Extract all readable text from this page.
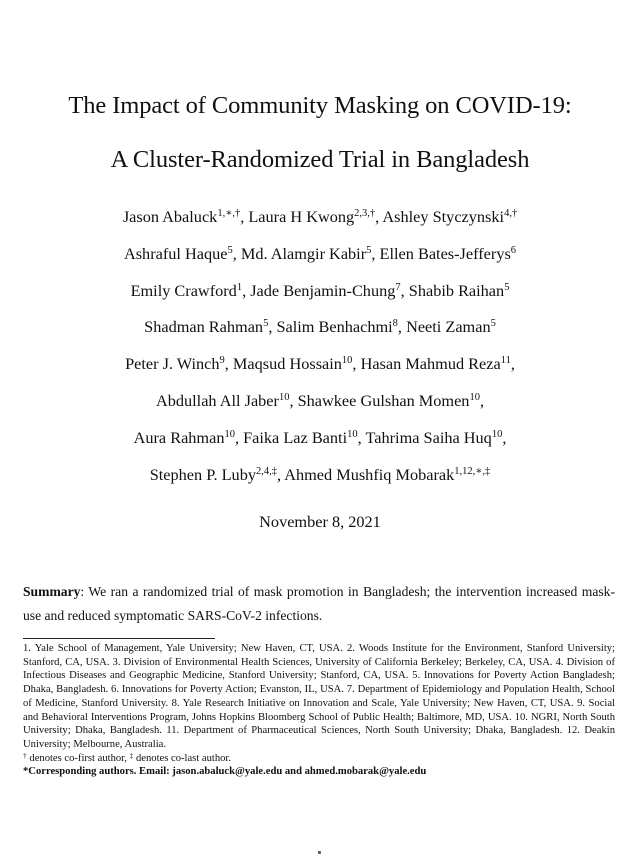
The Impact of Community Masking on COVID-19:
A Cluster-Randomized Trial in Bangladesh
Jason Abaluck$^{1,∗,\dagger}$, Laura H Kwong$^{2,3,\dagger}$, Ashley Styczynski$^{4,\dagger}$
Ashraful Haque$^5$, Md. Alamgir Kabir$^5$, Ellen Bates-Jefferys$^6$
Emily Crawford$^1$, Jade Benjamin-Chung$^7$, Shabib Raihan$^5$
Shadman Rahman$^5$, Salim Benhachmi$^8$, Neeti Zaman$^5$
Peter J. Winch$^9$, Maqsud Hossain$^{10}$, Hasan Mahmud Reza$^{11}$,
Abdullah All Jaber$^{10}$, Shawkee Gulshan Momen$^{10}$,
Aura Rahman$^{10}$, Faika Laz Banti$^{10}$, Tahrima Saiha Huq$^{10}$,
Stephen P. Luby$^{2,4,\ddagger}$, Ahmed Mushfiq Mobarak$^{1,12,∗,\ddagger}$
November 8, 2021
Summary: We ran a randomized trial of mask promotion in Bangladesh; the intervention increased mask-use and reduced symptomatic SARS-CoV-2 infections.
1. Yale School of Management, Yale University; New Haven, CT, USA. 2. Woods Institute for the Environment, Stanford University; Stanford, CA, USA. 3. Division of Environmental Health Sciences, University of California Berkeley; Berkeley, CA, USA. 4. Division of Infectious Diseases and Geographic Medicine, Stanford University; Stanford, CA, USA. 5. Innovations for Poverty Action Bangladesh; Dhaka, Bangladesh. 6. Innovations for Poverty Action; Evanston, IL, USA. 7. Department of Epidemiology and Population Health, School of Medicine, Stanford University. 8. Yale Research Initiative on Innovation and Scale, Yale University; New Haven, CT, USA. 9. Social and Behavioral Interventions Program, Johns Hopkins Bloomberg School of Public Health; Baltimore, MD, USA. 10. NGRI, North South University; Dhaka, Bangladesh. 11. Department of Pharmaceutical Sciences, North South University; Dhaka, Bangladesh. 12. Deakin University; Melbourne, Australia.
† denotes co-first author, ‡ denotes co-last author.
*Corresponding authors. Email: jason.abaluck@yale.edu and ahmed.mobarak@yale.edu
